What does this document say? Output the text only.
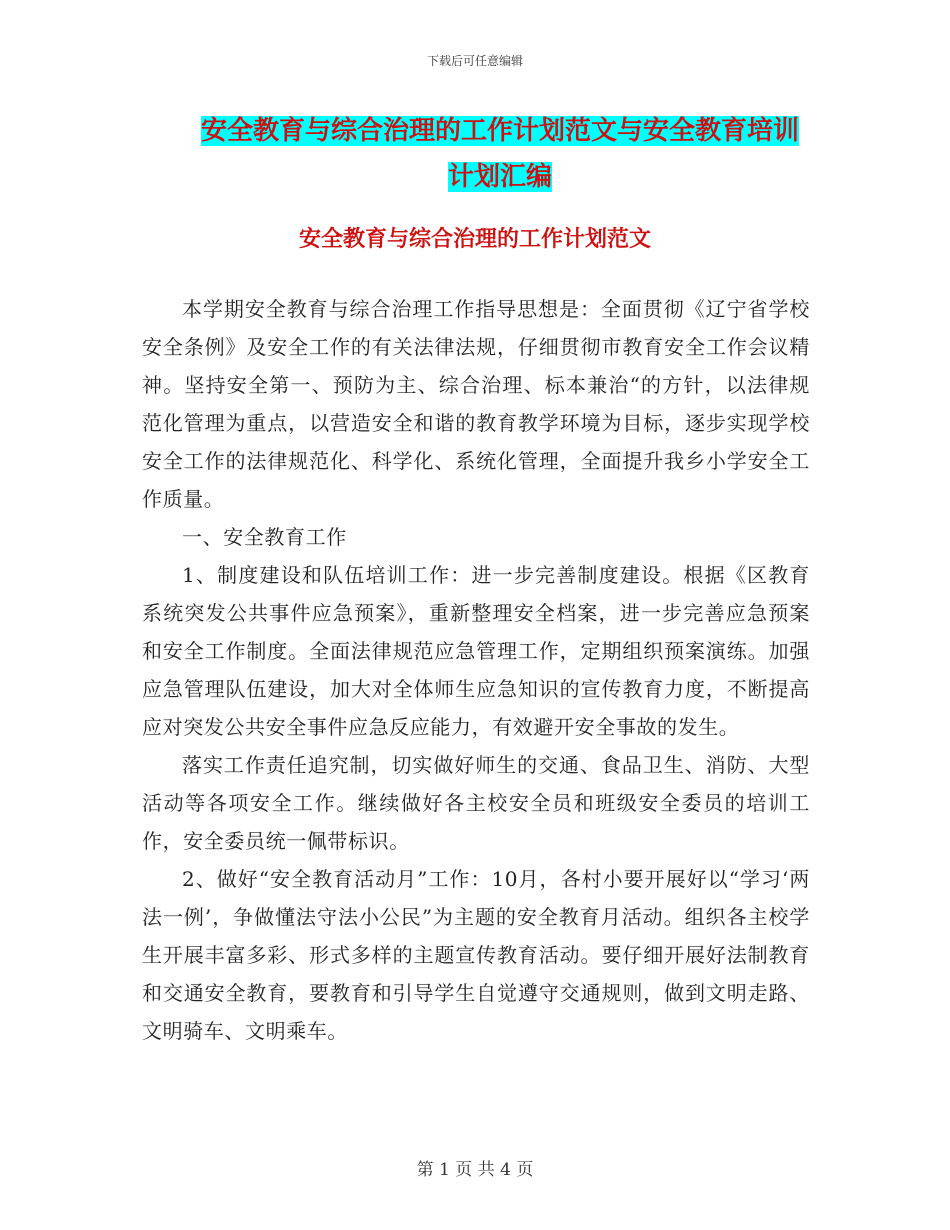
下载后可任意编辑
安全教育与综合治理的工作计划范文与安全教育培训
计划汇编
安全教育与综合治理的工作计划范文

本学期安全教育与综合治理工作指导思想是：全面贯彻《辽宁省学校安全条例》及安全工作的有关法律法规，仔细贯彻市教育安全工作会议精神。坚持安全第一、预防为主、综合治理、标本兼治“的方针，以法律规范化管理为重点，以营造安全和谐的教育教学环境为目标，逐步实现学校安全工作的法律规范化、科学化、系统化管理，全面提升我乡小学安全工作质量。

一、安全教育工作

1、制度建设和队伍培训工作：进一步完善制度建设。根据《区教育系统突发公共事件应急预案》，重新整理安全档案，进一步完善应急预案和安全工作制度。全面法律规范应急管理工作，定期组织预案演练。加强应急管理队伍建设，加大对全体师生应急知识的宣传教育力度，不断提高应对突发公共安全事件应急反应能力，有效避开安全事故的发生。

落实工作责任追究制，切实做好师生的交通、食品卫生、消防、大型活动等各项安全工作。继续做好各主校安全员和班级安全委员的培训工作，安全委员统一佩带标识。

2、做好“安全教育活动月”工作：10月，各村小要开展好以“学习‘两法一例’，争做懂法守法小公民”为主题的安全教育月活动。组织各主校学生开展丰富多彩、形式多样的主题宣传教育活动。要仔细开展好法制教育和交通安全教育，要教育和引导学生自觉遵守交通规则，做到文明走路、文明骑车、文明乘车。

第 1 页 共 4 页
